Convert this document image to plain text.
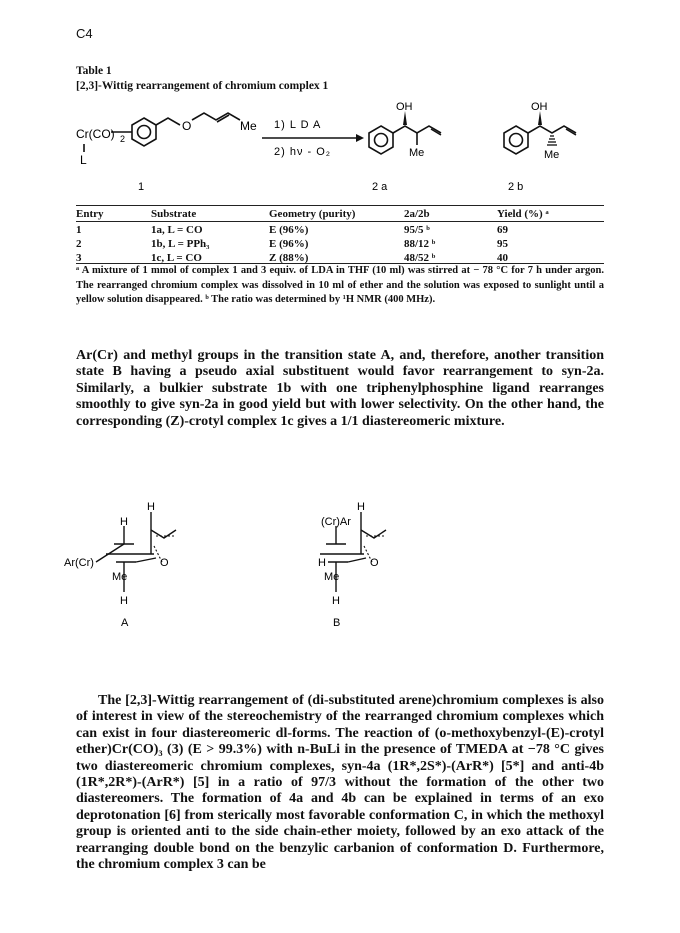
C4
Table 1
[2,3]-Wittig rearrangement of chromium complex 1
Cr(CO) 2
L
O	Me 1) L D A
2) hν - O₂
OH
Me
OH
Me
1	2 a	2 b
Entry	Substrate	Geometry (purity)	2a/2b	Yield (%) ᵃ

1	1a, L = CO	E (96%)	95/5 ᵇ	69
2	1b, L = PPh₃	E (96%)	88/12 ᵇ	95
3	1c, L = CO	Z (88%)	48/52 ᵇ	40
ᵃ A mixture of 1 mmol of complex 1 and 3 equiv. of LDA in THF (10 ml) was stirred at − 78 °C for 7 h under argon. The rearranged chromium complex was dissolved in 10 ml of ether and the solution was exposed to sunlight until a yellow solution disappeared. ᵇ The ratio was determined by ¹H NMR (400 MHz).
Ar(Cr) and methyl groups in the transition state A, and, therefore, another transition state B having a pseudo axial substituent would favor rearrangement to syn-2a. Similarly, a bulkier substrate 1b with one triphenylphosphine ligand rearranges smoothly to give syn-2a in good yield but with lower selectivity. On the other hand, the corresponding (Z)-crotyl complex 1c gives a 1/1 diastereomeric mixture.
H
H
Ar(Cr)	O
Me
H
A
H
(Cr)Ar
H	O
Me
H
B
The [2,3]-Wittig rearrangement of (di-substituted arene)chromium complexes is also of interest in view of the stereochemistry of the rearranged chromium complexes which can exist in four diastereomeric dl-forms. The reaction of (o-methoxybenzyl-(E)-crotyl ether)Cr(CO)₃ (3) (E > 99.3%) with n-BuLi in the presence of TMEDA at −78 °C gives two diastereomeric chromium complexes, syn-4a (1R*,2S*)-(ArR*) [5*] and anti-4b (1R*,2R*)-(ArR*) [5] in a ratio of 97/3 without the formation of the other two diastereomers. The formation of 4a and 4b can be explained in terms of an exo deprotonation [6] from sterically most favorable conformation C, in which the methoxyl group is oriented anti to the side chain-ether moiety, followed by an exo attack of the rearranging double bond on the benzylic carbanion of conformation D. Furthermore, the chromium complex 3 can be
